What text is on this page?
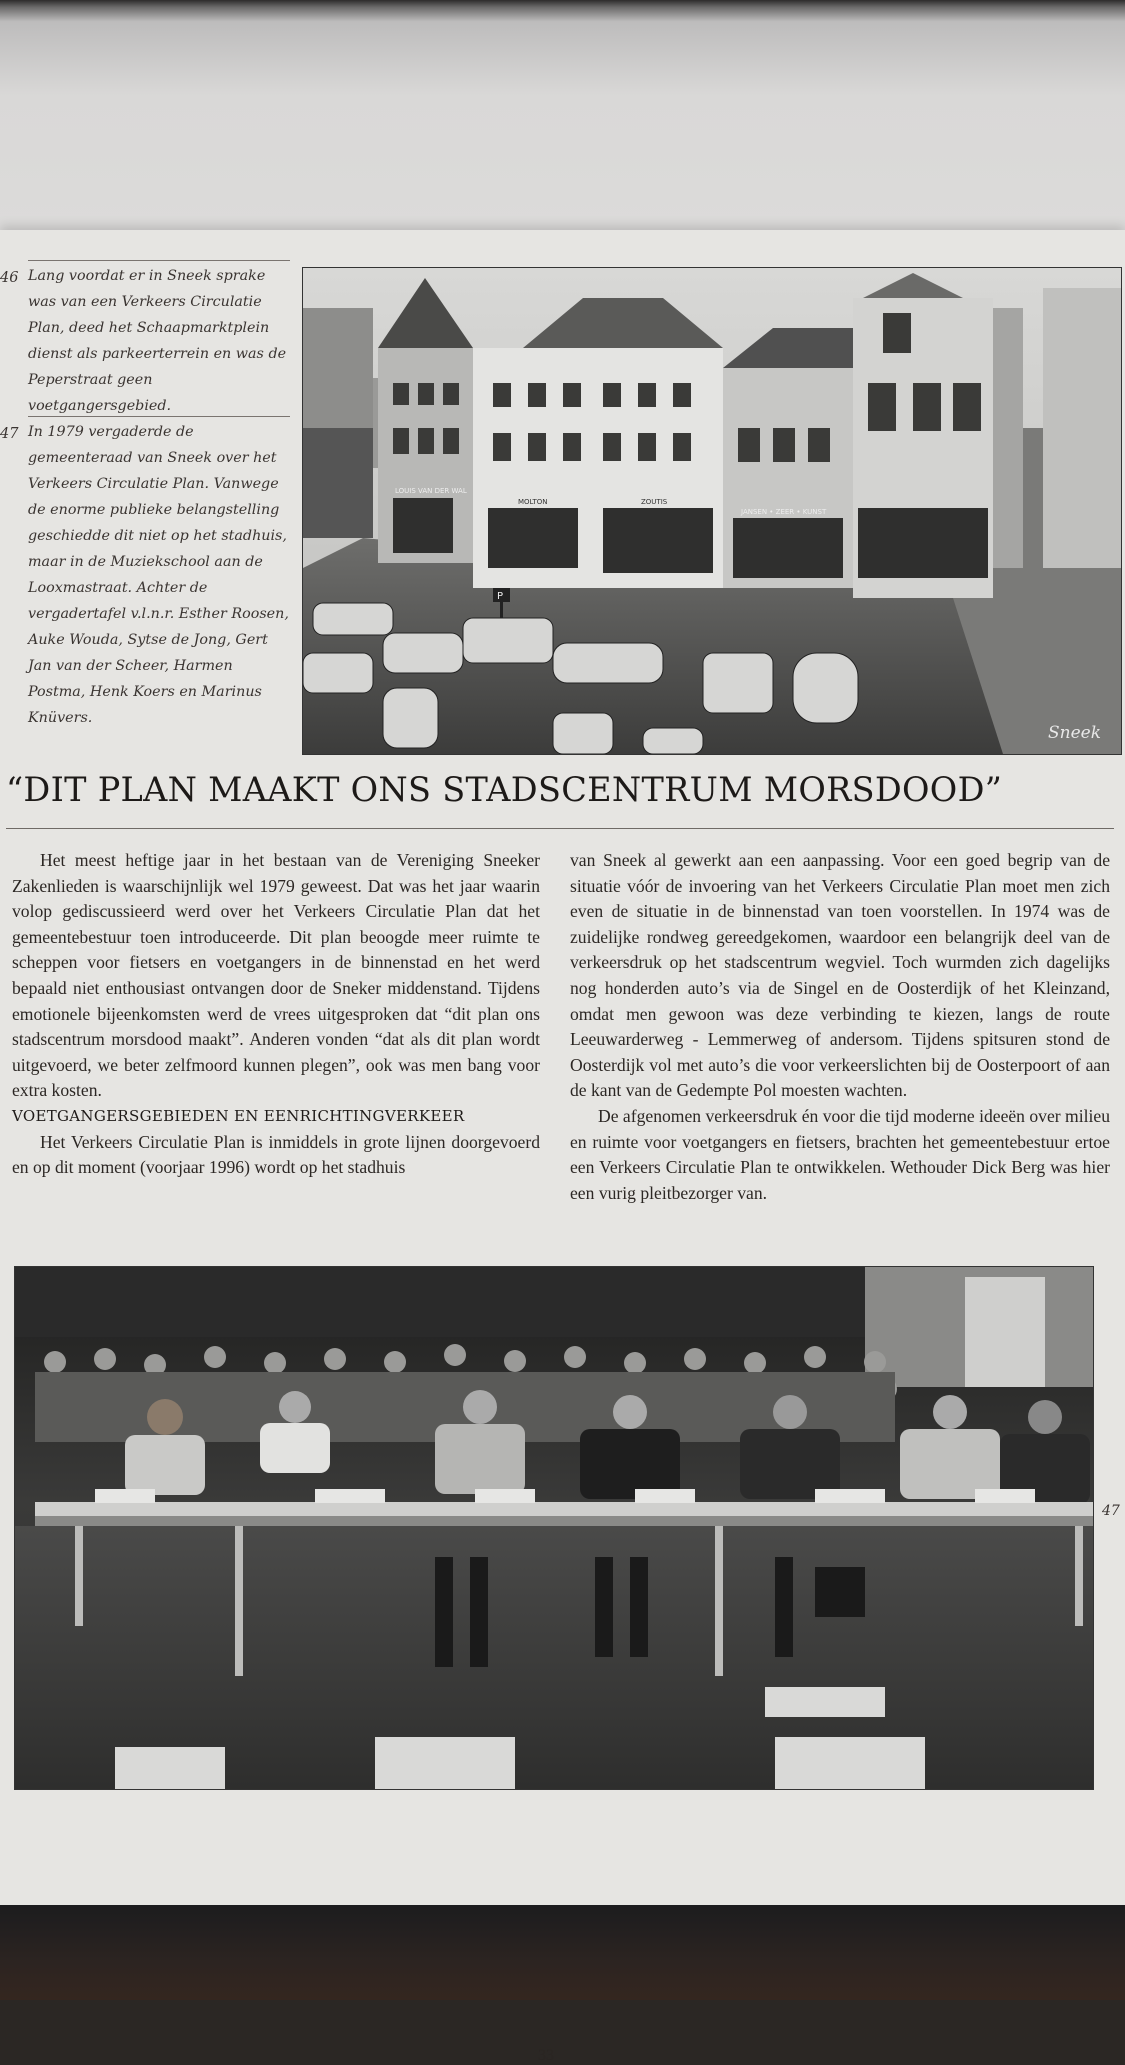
46 Lang voordat er in Sneek sprake was van een Verkeers Circulatie Plan, deed het Schaapmarktplein dienst als parkeerterrein en was de Peperstraat geen voetgangersgebied.
47 In 1979 vergaderde de gemeenteraad van Sneek over het Verkeers Circulatie Plan. Vanwege de enorme publieke belangstelling geschiedde dit niet op het stadhuis, maar in de Muziekschool aan de Looxmastraat. Achter de vergadertafel v.l.n.r. Esther Roosen, Auke Wouda, Sytse de Jong, Gert Jan van der Scheer, Harmen Postma, Henk Koers en Marinus Knüvers.
LOUIS VAN DER WAL
MOLTON	ZOUTIS
JANSEN • ZEER • KUNST
P
Sneek
“DIT PLAN MAAKT ONS STADSCENTRUM MORSDOOD”

Het meest heftige jaar in het bestaan van de Vereniging Sneeker Zakenlieden is waarschijnlijk wel 1979 geweest. Dat was het jaar waarin volop gediscussieerd werd over het Verkeers Circulatie Plan dat het gemeentebestuur toen introduceerde. Dit plan beoogde meer ruimte te scheppen voor fietsers en voetgangers in de binnenstad en het werd bepaald niet enthousiast ontvangen door de Sneker middenstand. Tijdens emotionele bijeenkomsten werd de vrees uitgesproken dat “dit plan ons stadscentrum morsdood maakt”. Anderen vonden “dat als dit plan wordt uitgevoerd, we beter zelfmoord kunnen plegen”, ook was men bang voor extra kosten.

VOETGANGERSGEBIEDEN EN EENRICHTINGVERKEER

Het Verkeers Circulatie Plan is inmiddels in grote lijnen doorgevoerd en op dit moment (voorjaar 1996) wordt op het stadhuis

van Sneek al gewerkt aan een aanpassing. Voor een goed begrip van de situatie vóór de invoering van het Verkeers Circulatie Plan moet men zich even de situatie in de binnenstad van toen voorstellen. In 1974 was de zuidelijke rondweg gereedgekomen, waardoor een belangrijk deel van de verkeersdruk op het stadscentrum wegviel. Toch wurmden zich dagelijks nog honderden auto’s via de Singel en de Oosterdijk of het Kleinzand, omdat men gewoon was deze verbinding te kiezen, langs de route Leeuwarderweg - Lemmerweg of andersom. Tijdens spitsuren stond de Oosterdijk vol met auto’s die voor verkeerslichten bij de Oosterpoort of aan de kant van de Gedempte Pol moesten wachten.

De afgenomen verkeersdruk én voor die tijd moderne ideeën over milieu en ruimte voor voetgangers en fietsers, brachten het gemeentebestuur ertoe een Verkeers Circulatie Plan te ontwikkelen. Wethouder Dick Berg was hier een vurig pleitbezorger van.

47
33
